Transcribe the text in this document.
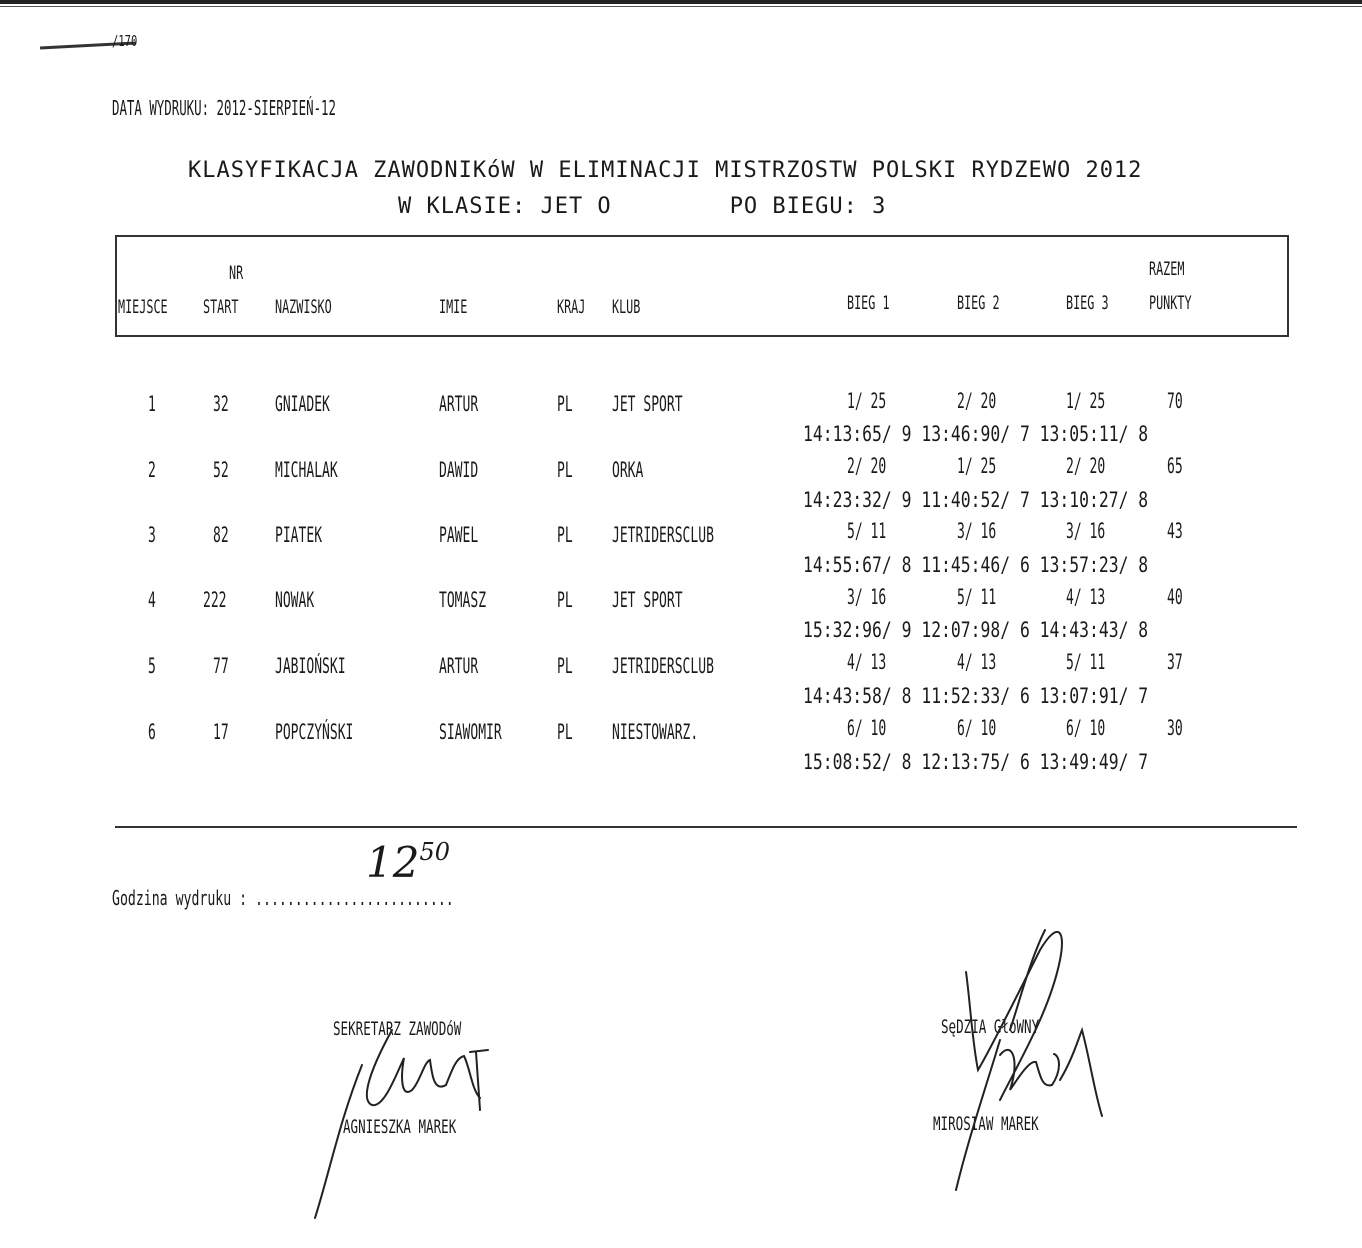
/170
DATA WYDRUKU: 2012-SIERPIEŃ-12
KLASYFIKACJA ZAWODNIKóW W ELIMINACJI MISTRZOSTW POLSKI RYDZEWO 2012
W KLASIE: JET O	PO BIEGU: 3
MIEJSCE
NR
START NAZWISKO	IMIE	KRAJ KLUB	BIEG 1	BIEG 2	BIEG 3
RAZEM
PUNKTY
1	32 GNIADEK	ARTUR	PL JET SPORT	1/ 25	2/ 20	1/ 25	70
14:13:65/ 9 13:46:90/ 7 13:05:11/ 8
2	52 MICHALAK	DAWID	PL ORKA	2/ 20	1/ 25	2/ 20	65
14:23:32/ 9 11:40:52/ 7 13:10:27/ 8
3	82 PIATEK	PAWEL	PL JETRIDERSCLUB	5/ 11	3/ 16	3/ 16	43
14:55:67/ 8 11:45:46/ 6 13:57:23/ 8
4 222 NOWAK	TOMASZ	PL JET SPORT	3/ 16	5/ 11	4/ 13	40
15:32:96/ 9 12:07:98/ 6 14:43:43/ 8
5	77 JABIOŃSKI	ARTUR	PL JETRIDERSCLUB	4/ 13	4/ 13	5/ 11	37
14:43:58/ 8 11:52:33/ 6 13:07:91/ 7
6	17 POPCZYŃSKI	SIAWOMIR	PL NIESTOWARZ.	6/ 10	6/ 10	6/ 10	30
15:08:52/ 8 12:13:75/ 6 13:49:49/ 7
Godzina wydruku : .........................
$12^{50}$
SEKRETARZ ZAWODóW
AGNIESZKA MAREK
SęDZIA GłóWNY
MIROSIAW MAREK
